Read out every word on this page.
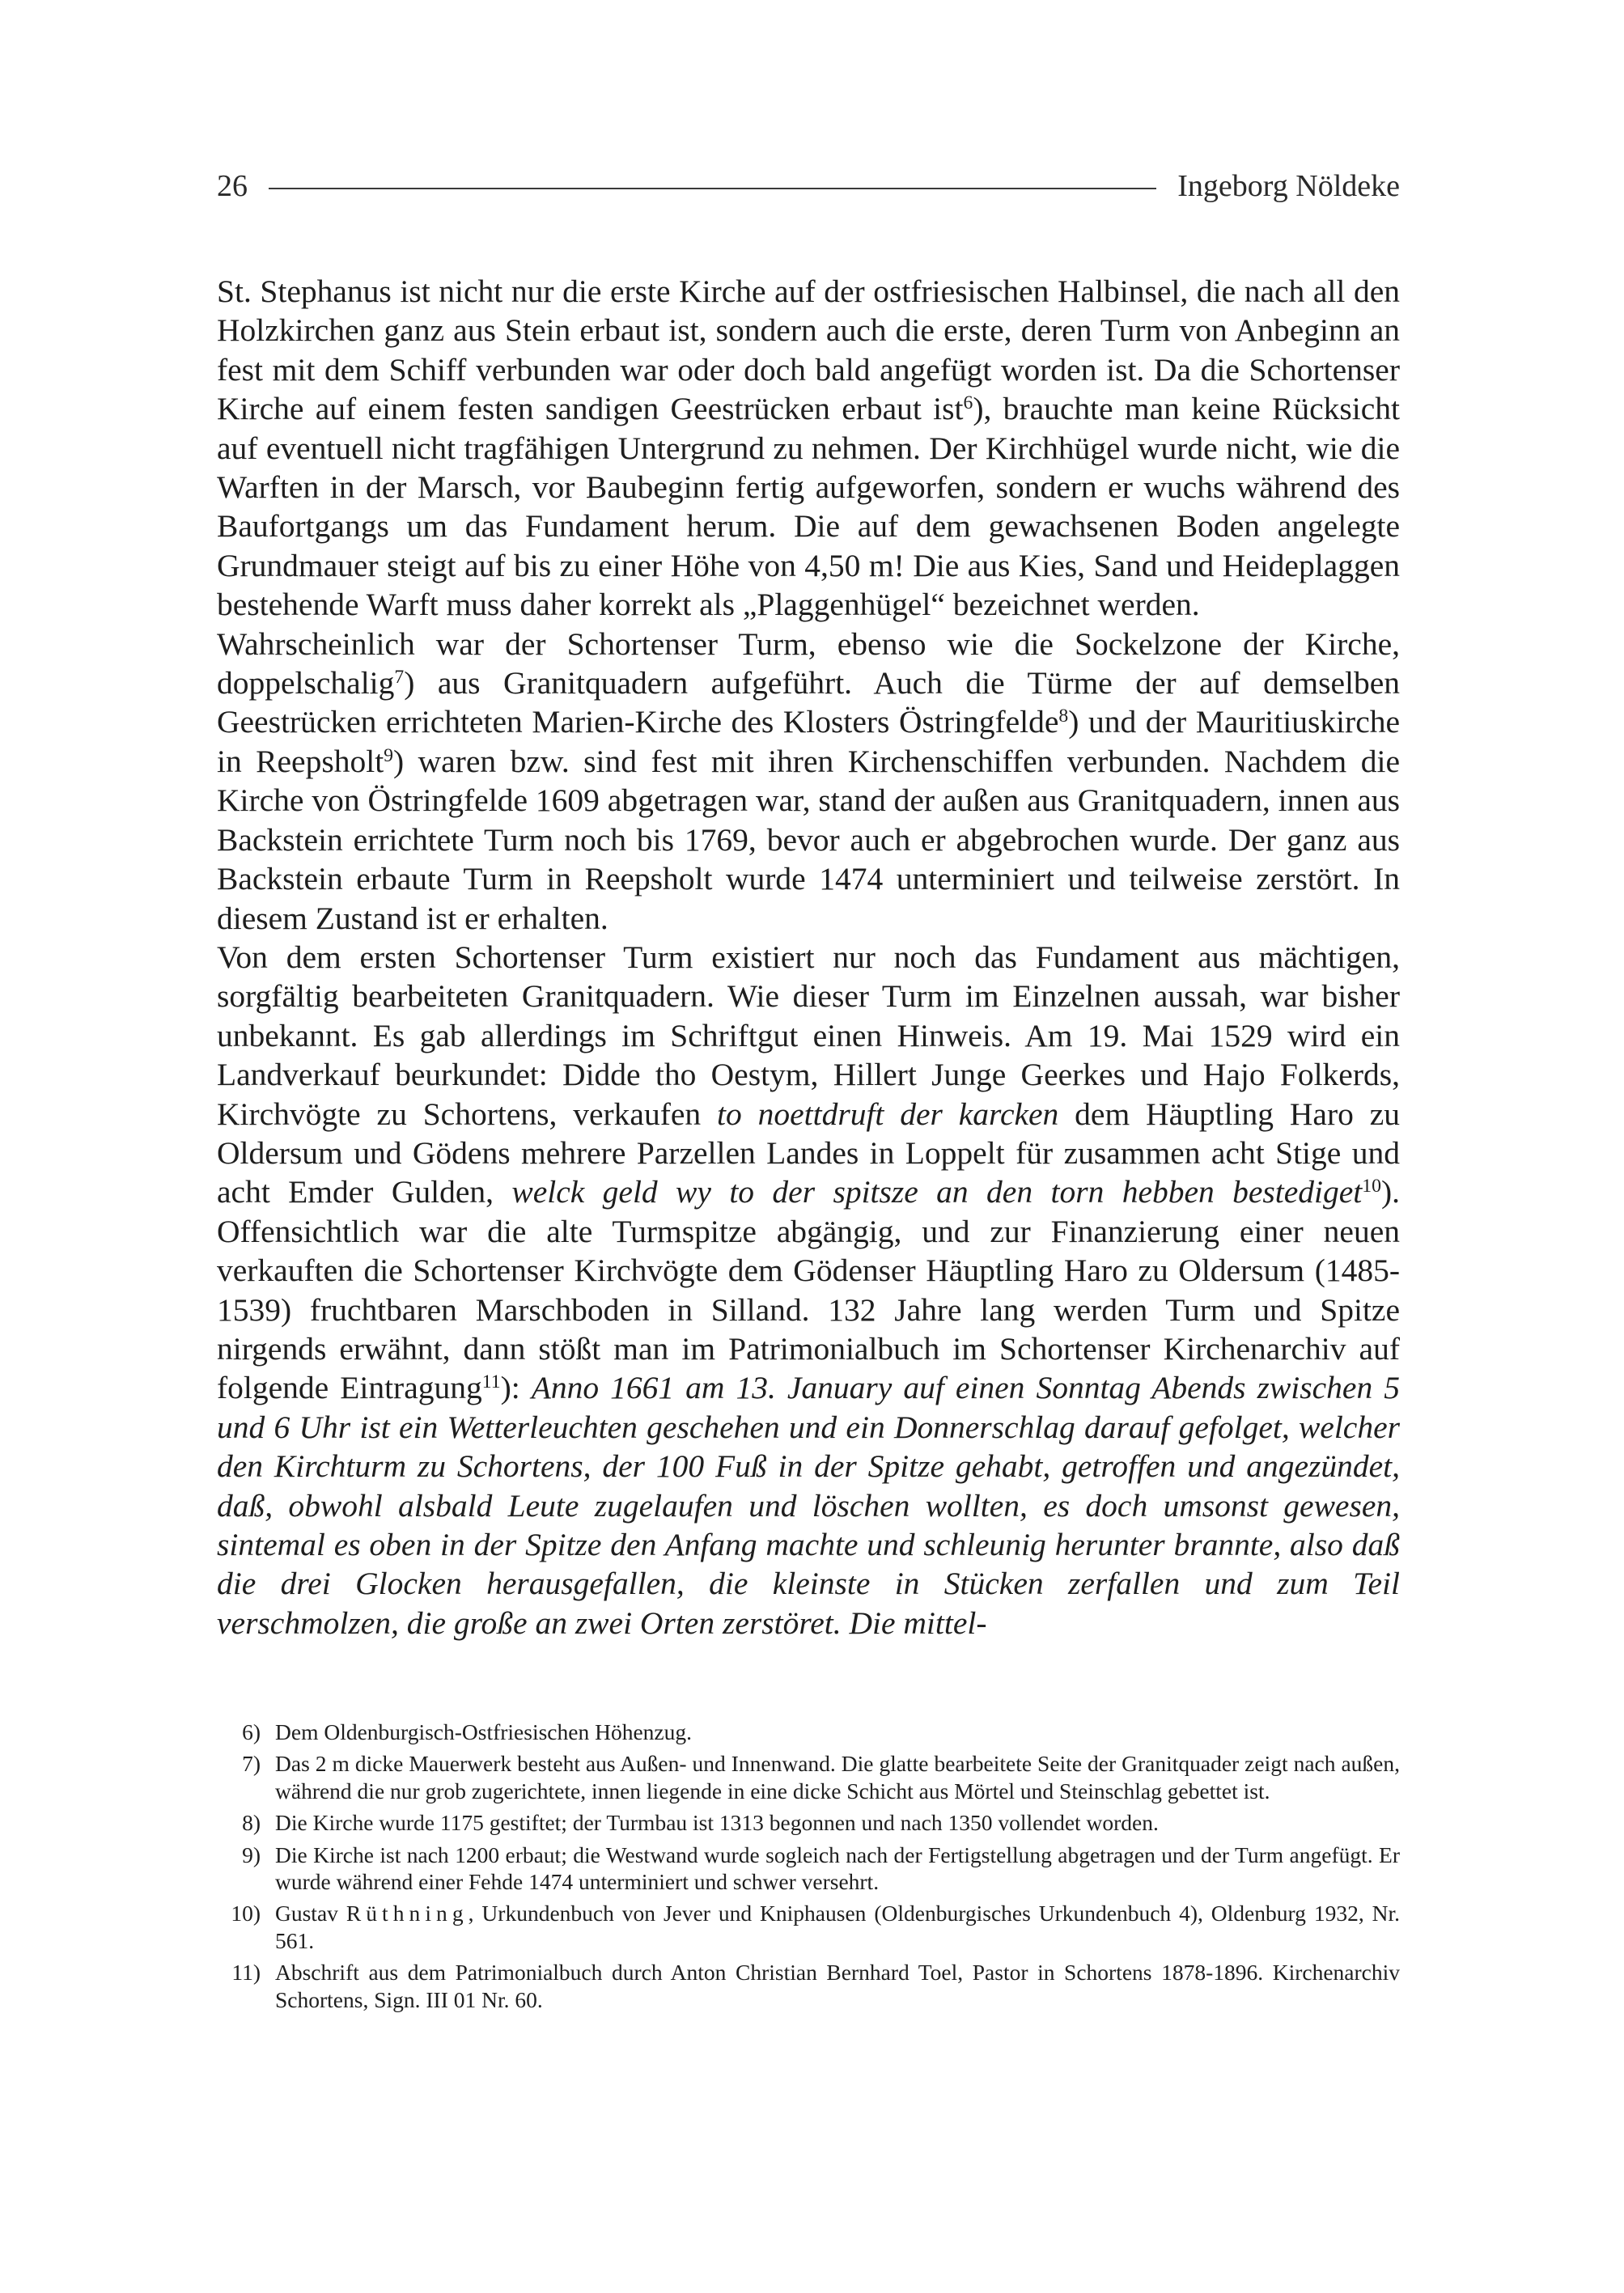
26	Ingeborg Nöldeke

St. Stephanus ist nicht nur die erste Kirche auf der ostfriesischen Halbinsel, die nach all den Holzkirchen ganz aus Stein erbaut ist, sondern auch die erste, deren Turm von Anbeginn an fest mit dem Schiff verbunden war oder doch bald angefügt worden ist. Da die Schortenser Kirche auf einem festen sandigen Geestrücken erbaut ist$^6$), brauchte man keine Rücksicht auf eventuell nicht tragfähigen Untergrund zu nehmen. Der Kirchhügel wurde nicht, wie die Warften in der Marsch, vor Baubeginn fertig aufgeworfen, sondern er wuchs während des Baufortgangs um das Fundament herum. Die auf dem gewachsenen Boden angelegte Grundmauer steigt auf bis zu einer Höhe von 4,50 m! Die aus Kies, Sand und Heideplaggen bestehende Warft muss daher korrekt als „Plaggenhügel“ bezeichnet werden.

Wahrscheinlich war der Schortenser Turm, ebenso wie die Sockelzone der Kirche, doppelschalig$^7$) aus Granitquadern aufgeführt. Auch die Türme der auf demselben Geestrücken errichteten Marien-Kirche des Klosters Östringfelde$^8$) und der Mauritiuskirche in Reepsholt$^9$) waren bzw. sind fest mit ihren Kirchenschiffen verbunden. Nachdem die Kirche von Östringfelde 1609 abgetragen war, stand der außen aus Granitquadern, innen aus Backstein errichtete Turm noch bis 1769, bevor auch er abgebrochen wurde. Der ganz aus Backstein erbaute Turm in Reepsholt wurde 1474 unterminiert und teilweise zerstört. In diesem Zustand ist er erhalten.

Von dem ersten Schortenser Turm existiert nur noch das Fundament aus mächtigen, sorgfältig bearbeiteten Granitquadern. Wie dieser Turm im Einzelnen aussah, war bisher unbekannt. Es gab allerdings im Schriftgut einen Hinweis. Am 19. Mai 1529 wird ein Landverkauf beurkundet: Didde tho Oestym, Hillert Junge Geerkes und Hajo Folkerds, Kirchvögte zu Schortens, verkaufen to noettdruft der karcken dem Häuptling Haro zu Oldersum und Gödens mehrere Parzellen Landes in Loppelt für zusammen acht Stige und acht Emder Gulden, welck geld wy to der spitsze an den torn hebben bestediget$^{10}$). Offensichtlich war die alte Turmspitze abgängig, und zur Finanzierung einer neuen verkauften die Schortenser Kirchvögte dem Gödenser Häuptling Haro zu Oldersum (1485-1539) fruchtbaren Marschboden in Silland. 132 Jahre lang werden Turm und Spitze nirgends erwähnt, dann stößt man im Patrimonialbuch im Schortenser Kirchenarchiv auf folgende Eintragung$^{11}$): Anno 1661 am 13. January auf einen Sonntag Abends zwischen 5 und 6 Uhr ist ein Wetterleuchten geschehen und ein Donnerschlag darauf gefolget, welcher den Kirchturm zu Schortens, der 100 Fuß in der Spitze gehabt, getroffen und angezündet, daß, obwohl alsbald Leute zugelaufen und löschen wollten, es doch umsonst gewesen, sintemal es oben in der Spitze den Anfang machte und schleunig herunter brannte, also daß die drei Glocken herausgefallen, die kleinste in Stücken zerfallen und zum Teil verschmolzen, die große an zwei Orten zerstöret. Die mittel-

6) Dem Oldenburgisch-Ostfriesischen Höhenzug.
7) Das 2 m dicke Mauerwerk besteht aus Außen- und Innenwand. Die glatte bearbeitete Seite der Granitquader zeigt nach außen, während die nur grob zugerichtete, innen liegende in eine dicke Schicht aus Mörtel und Steinschlag gebettet ist.
8) Die Kirche wurde 1175 gestiftet; der Turmbau ist 1313 begonnen und nach 1350 vollendet worden.
9) Die Kirche ist nach 1200 erbaut; die Westwand wurde sogleich nach der Fertigstellung abgetragen und der Turm angefügt. Er wurde während einer Fehde 1474 unterminiert und schwer versehrt.
10) Gustav Rüthning, Urkundenbuch von Jever und Kniphausen (Oldenburgisches Urkundenbuch 4), Oldenburg 1932, Nr. 561.
11) Abschrift aus dem Patrimonialbuch durch Anton Christian Bernhard Toel, Pastor in Schortens 1878-1896. Kirchenarchiv Schortens, Sign. III 01 Nr. 60.
